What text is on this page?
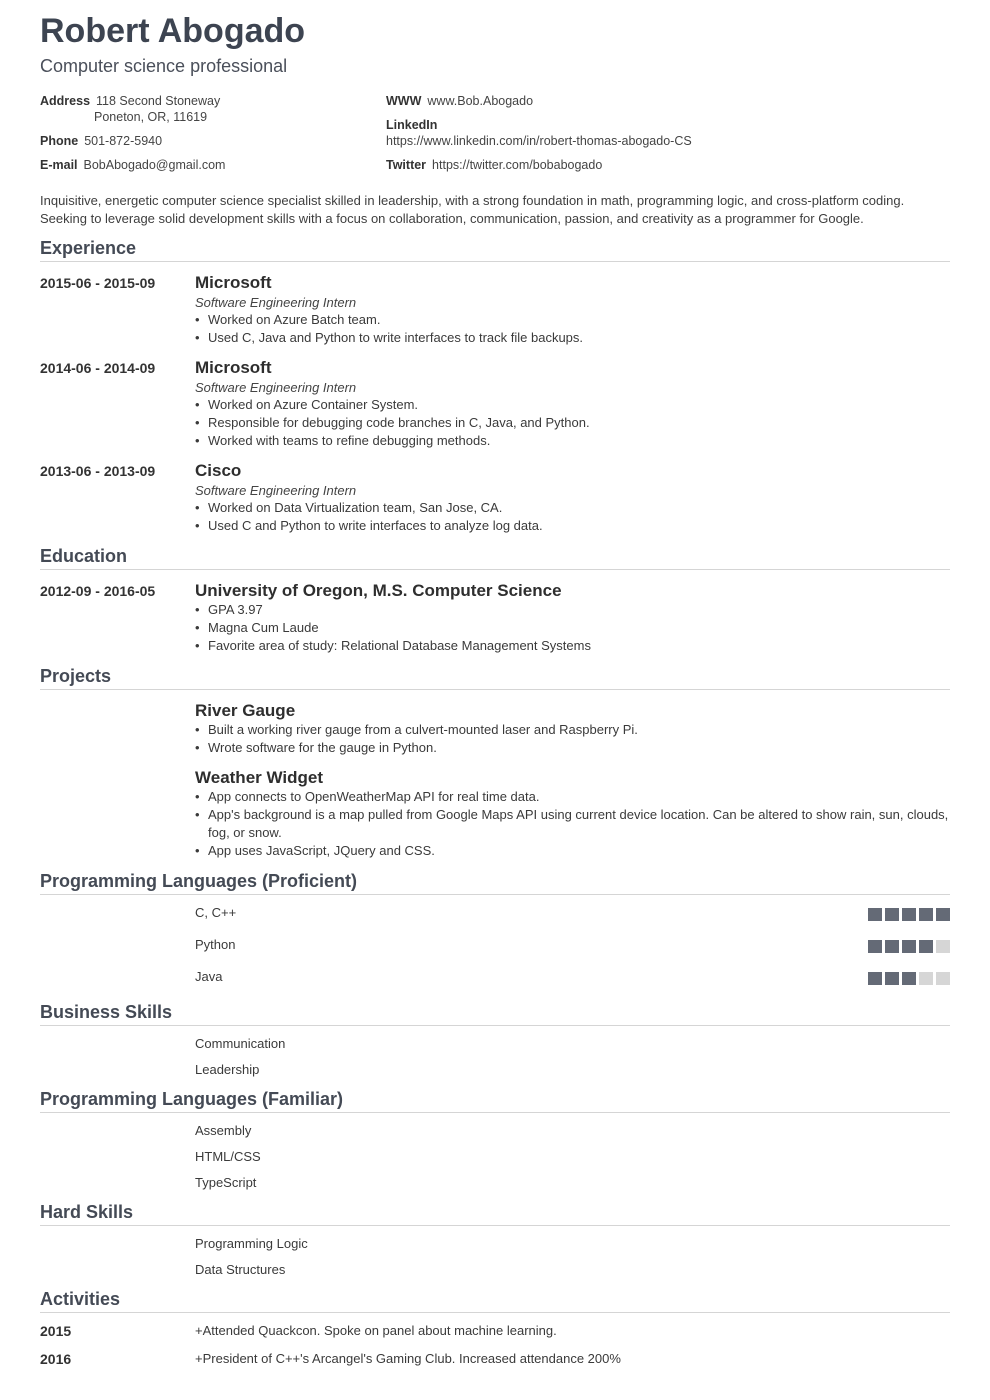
Robert Abogado
Computer science professional
Address 118 Second Stoneway
Poneton, OR, 11619
Phone 501-872-5940
E-mail BobAbogado@gmail.com
WWW www.Bob.Abogado
LinkedIn
https://www.linkedin.com/in/robert-thomas-abogado-CS
Twitter https://twitter.com/bobabogado
Inquisitive, energetic computer science specialist skilled in leadership, with a strong foundation in math, programming logic, and cross-platform coding. Seeking to leverage solid development skills with a focus on collaboration, communication, passion, and creativity as a programmer for Google.
Experience
2015-06 - 2015-09 Microsoft
Software Engineering Intern
• Worked on Azure Batch team.
• Used C, Java and Python to write interfaces to track file backups.
2014-06 - 2014-09 Microsoft
Software Engineering Intern
• Worked on Azure Container System.
• Responsible for debugging code branches in C, Java, and Python.
• Worked with teams to refine debugging methods.
2013-06 - 2013-09 Cisco
Software Engineering Intern
• Worked on Data Virtualization team, San Jose, CA.
• Used C and Python to write interfaces to analyze log data.
Education
2012-09 - 2016-05 University of Oregon, M.S. Computer Science
• GPA 3.97
• Magna Cum Laude
• Favorite area of study: Relational Database Management Systems
Projects
River Gauge
• Built a working river gauge from a culvert-mounted laser and Raspberry Pi.
• Wrote software for the gauge in Python.
Weather Widget
• App connects to OpenWeatherMap API for real time data.
• App's background is a map pulled from Google Maps API using current device location. Can be altered to show rain, sun, clouds, fog, or snow.
• App uses JavaScript, JQuery and CSS.
Programming Languages (Proficient)
C, C++
Python
Java
Business Skills
Communication
Leadership
Programming Languages (Familiar)
Assembly
HTML/CSS
TypeScript
Hard Skills
Programming Logic
Data Structures
Activities
2015	+Attended Quackcon. Spoke on panel about machine learning.
2016	+President of C++'s Arcangel's Gaming Club. Increased attendance 200%
